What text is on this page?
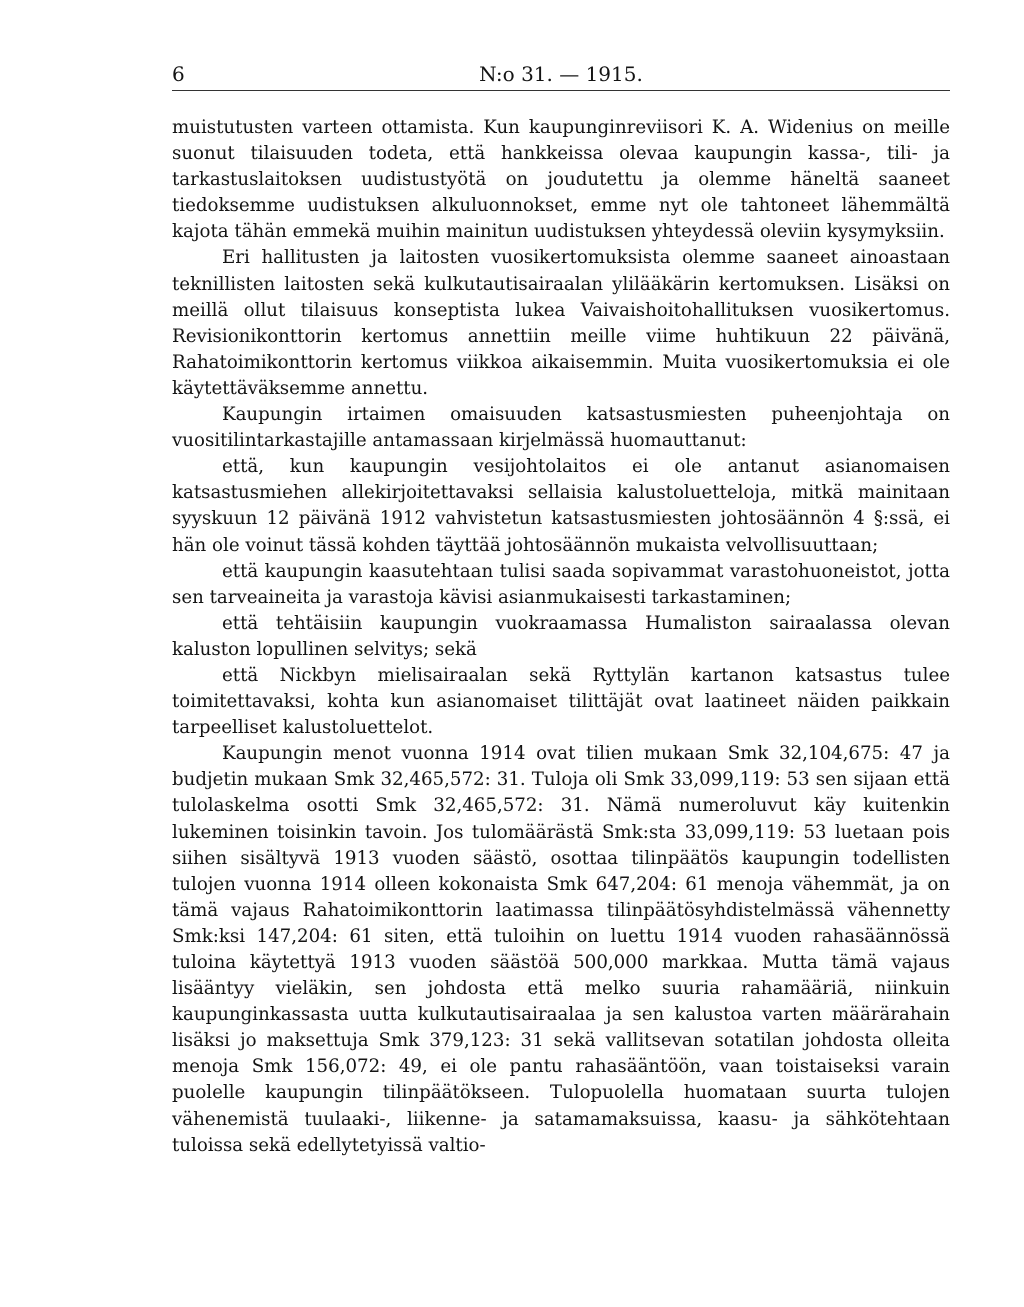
6	N:o 31. — 1915.

muistutusten varteen ottamista. Kun kaupunginreviisori K. A. Widenius on meille suonut tilaisuuden todeta, että hankkeissa olevaa kaupungin kassa-, tili- ja tarkastuslaitoksen uudistustyötä on joudutettu ja olemme häneltä saaneet tiedoksemme uudistuksen alkuluonnokset, emme nyt ole tahtoneet lähemmältä kajota tähän emmekä muihin mainitun uudistuksen yhteydessä oleviin kysymyksiin.

Eri hallitusten ja laitosten vuosikertomuksista olemme saaneet ainoastaan teknillisten laitosten sekä kulkutautisairaalan ylilääkärin kertomuksen. Lisäksi on meillä ollut tilaisuus konseptista lukea Vaivaishoitohallituksen vuosikertomus. Revisionikonttorin kertomus annettiin meille viime huhtikuun 22 päivänä, Rahatoimikonttorin kertomus viikkoa aikaisemmin. Muita vuosikertomuksia ei ole käytettäväksemme annettu.

Kaupungin irtaimen omaisuuden katsastusmiesten puheenjohtaja on vuositilintarkastajille antamassaan kirjelmässä huomauttanut:

että, kun kaupungin vesijohtolaitos ei ole antanut asianomaisen katsastusmiehen allekirjoitettavaksi sellaisia kalustoluetteloja, mitkä mainitaan syyskuun 12 päivänä 1912 vahvistetun katsastusmiesten johtosäännön 4 §:ssä, ei hän ole voinut tässä kohden täyttää johtosäännön mukaista velvollisuuttaan;

että kaupungin kaasutehtaan tulisi saada sopivammat varastohuoneistot, jotta sen tarveaineita ja varastoja kävisi asianmukaisesti tarkastaminen;

että tehtäisiin kaupungin vuokraamassa Humaliston sairaalassa olevan kaluston lopullinen selvitys; sekä

että Nickbyn mielisairaalan sekä Ryttylän kartanon katsastus tulee toimitettavaksi, kohta kun asianomaiset tilittäjät ovat laatineet näiden paikkain tarpeelliset kalustoluettelot.

Kaupungin menot vuonna 1914 ovat tilien mukaan Smk 32,104,675: 47 ja budjetin mukaan Smk 32,465,572: 31. Tuloja oli Smk 33,099,119: 53 sen sijaan että tulolaskelma osotti Smk 32,465,572: 31. Nämä numeroluvut käy kuitenkin lukeminen toisinkin tavoin. Jos tulomäärästä Smk:sta 33,099,119: 53 luetaan pois siihen sisältyvä 1913 vuoden säästö, osottaa tilinpäätös kaupungin todellisten tulojen vuonna 1914 olleen kokonaista Smk 647,204: 61 menoja vähemmät, ja on tämä vajaus Rahatoimikonttorin laatimassa tilinpäätösyhdistelmässä vähennetty Smk:ksi 147,204: 61 siten, että tuloihin on luettu 1914 vuoden rahasäännössä tuloina käytettyä 1913 vuoden säästöä 500,000 markkaa. Mutta tämä vajaus lisääntyy vieläkin, sen johdosta että melko suuria rahamääriä, niinkuin kaupunginkassasta uutta kulkutautisairaalaa ja sen kalustoa varten määrärahain lisäksi jo maksettuja Smk 379,123: 31 sekä vallitsevan sotatilan johdosta olleita menoja Smk 156,072: 49, ei ole pantu rahasääntöön, vaan toistaiseksi varain puolelle kaupungin tilinpäätökseen. Tulopuolella huomataan suurta tulojen vähenemistä tuulaaki-, liikenne- ja satamamaksuissa, kaasu- ja sähkötehtaan tuloissa sekä edellytetyissä valtio-
